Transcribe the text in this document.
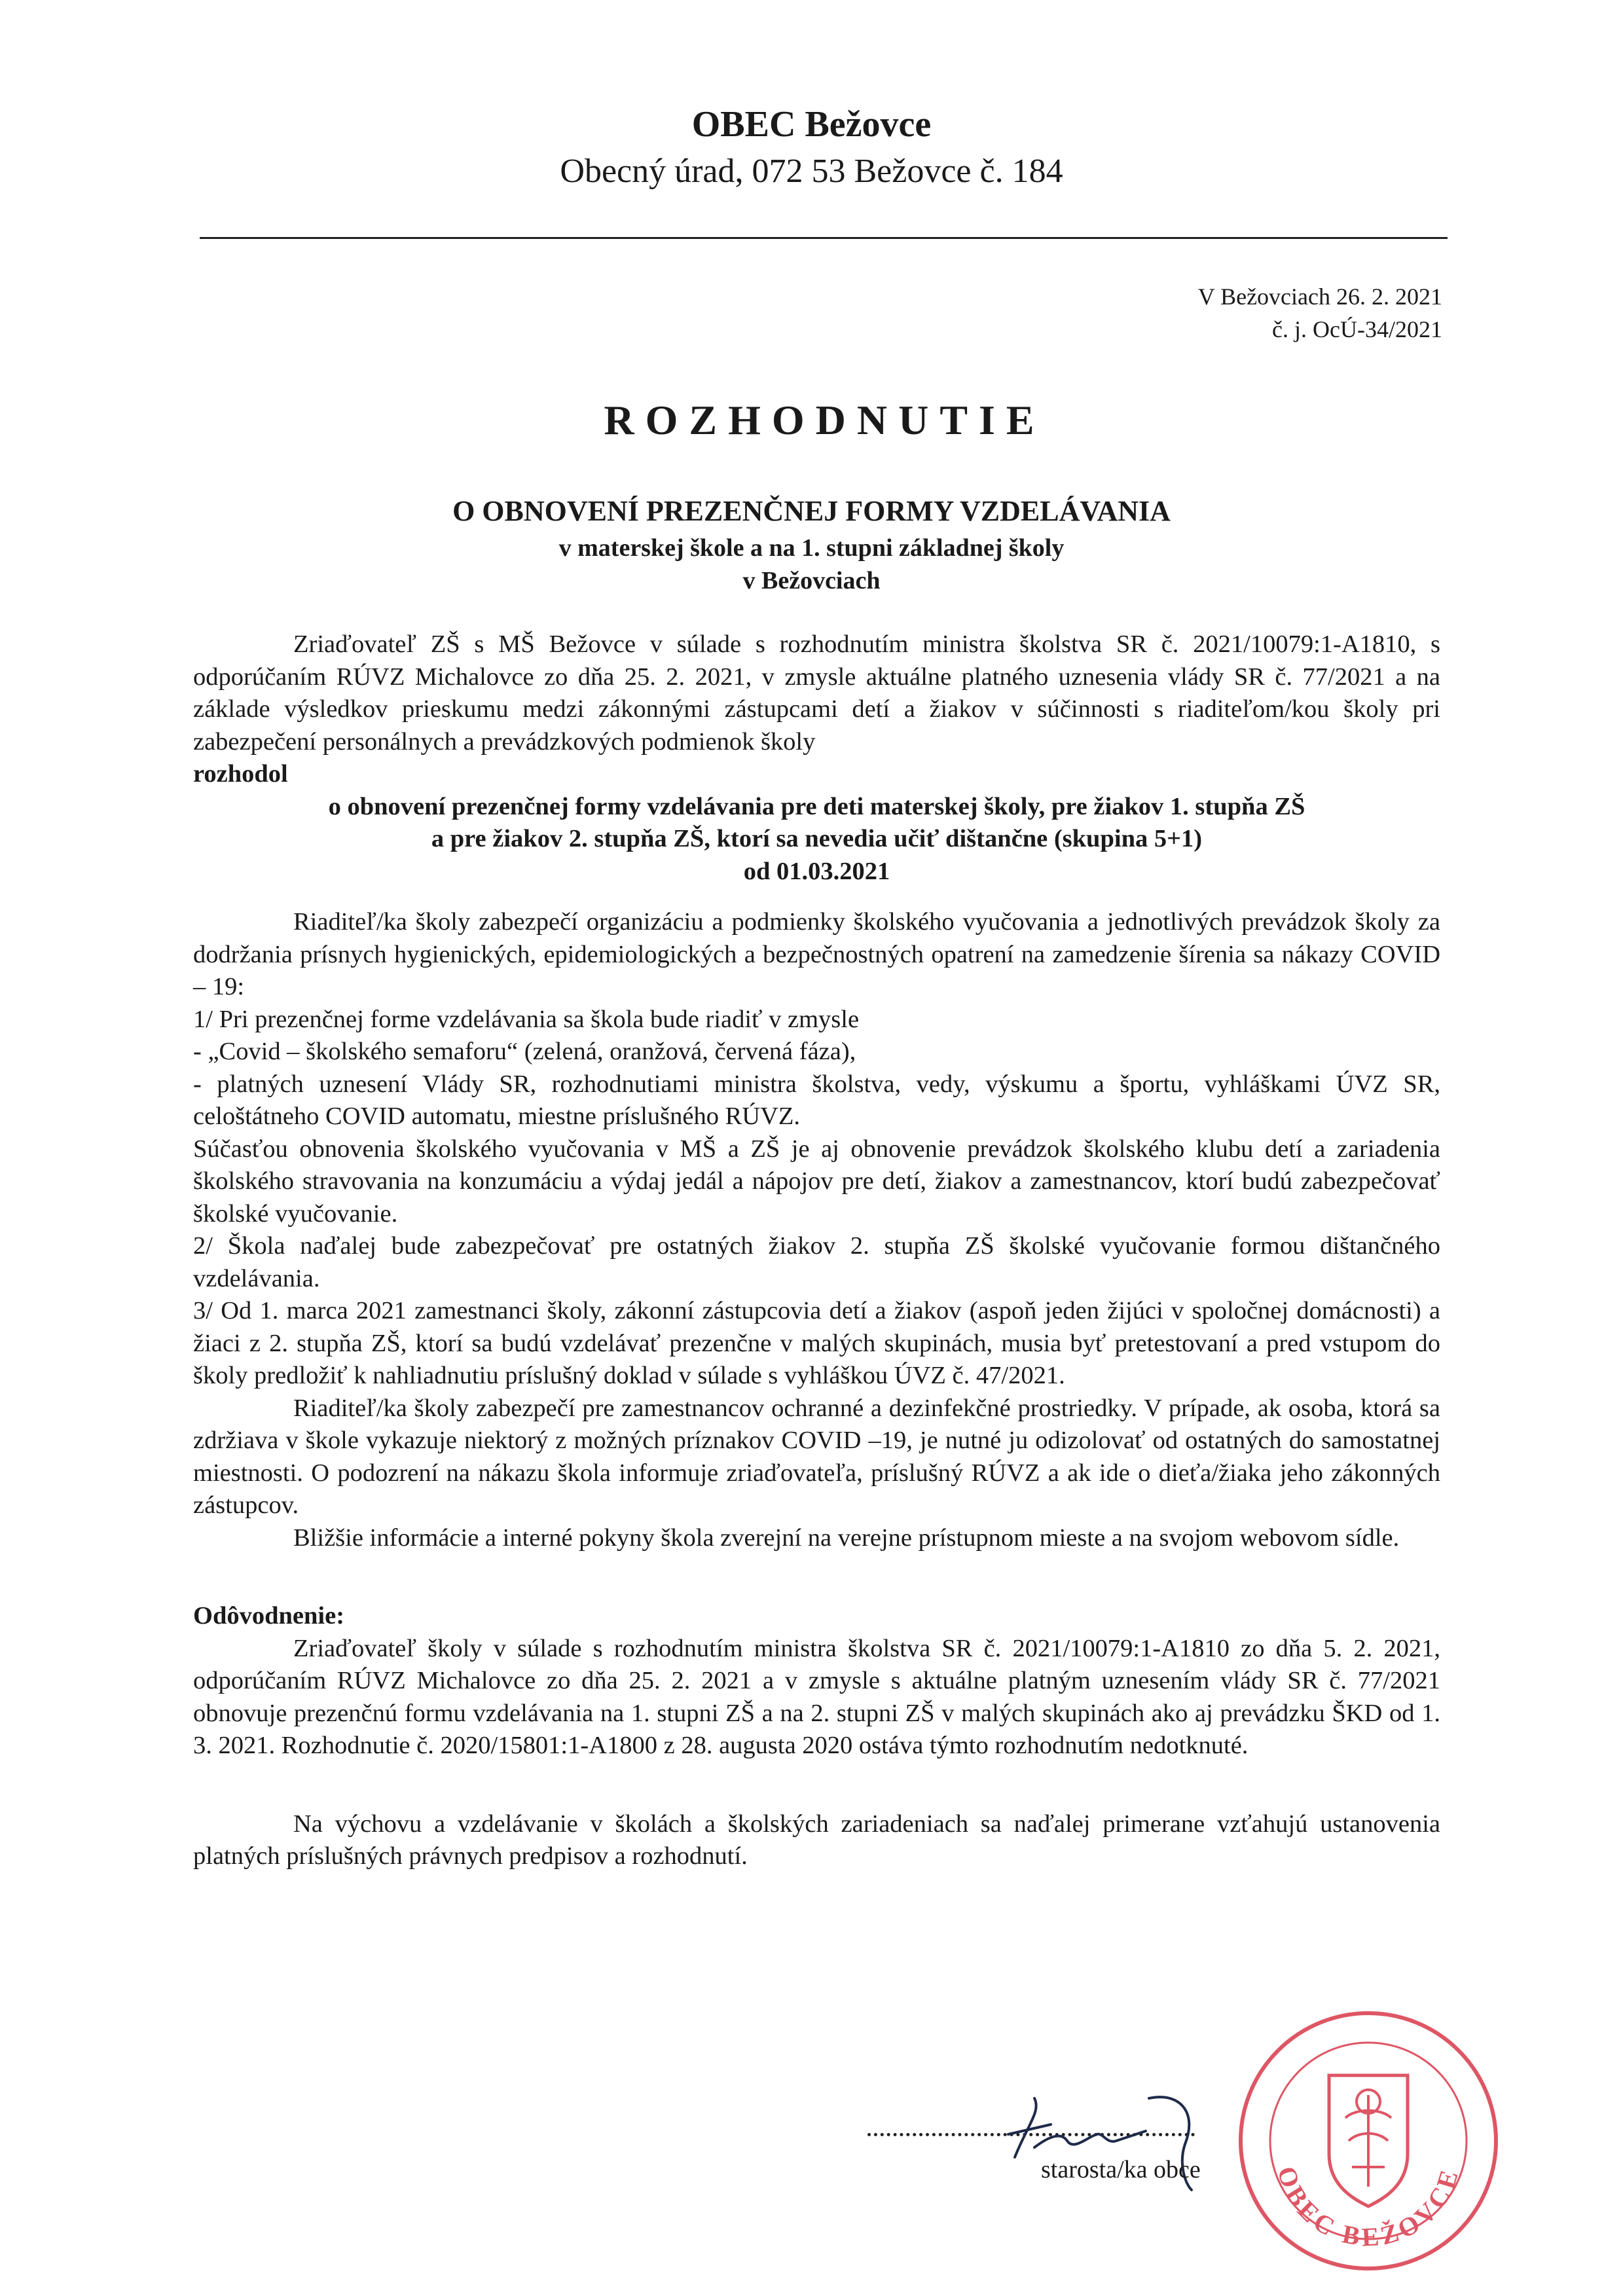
OBEC Bežovce
Obecný úrad, 072 53 Bežovce č. 184
V Bežovciach 26. 2. 2021
č. j. OcÚ-34/2021
ROZHODNUTIE
O OBNOVENÍ PREZENČNEJ FORMY VZDELÁVANIA
v materskej škole a na 1. stupni základnej školy
v Bežovciach

Zriaďovateľ ZŠ s MŠ Bežovce v súlade s rozhodnutím ministra školstva SR č. 2021/10079:1-A1810, s odporúčaním RÚVZ Michalovce zo dňa 25. 2. 2021, v zmysle aktuálne platného uznesenia vlády SR č. 77/2021 a na základe výsledkov prieskumu medzi zákonnými zástupcami detí a žiakov v súčinnosti s riaditeľom/kou školy pri zabezpečení personálnych a prevádzkových podmienok školy

rozhodol

o obnovení prezenčnej formy vzdelávania pre deti materskej školy, pre žiakov 1. stupňa ZŠ

a pre žiakov 2. stupňa ZŠ, ktorí sa nevedia učiť dištančne (skupina 5+1)

od 01.03.2021

Riaditeľ/ka školy zabezpečí organizáciu a podmienky školského vyučovania a jednotlivých prevádzok školy za dodržania prísnych hygienických, epidemiologických a bezpečnostných opatrení na zamedzenie šírenia sa nákazy COVID – 19:

1/ Pri prezenčnej forme vzdelávania sa škola bude riadiť v zmysle

- „Covid – školského semaforu“ (zelená, oranžová, červená fáza),

- platných uznesení Vlády SR, rozhodnutiami ministra školstva, vedy, výskumu a športu, vyhláškami ÚVZ SR, celoštátneho COVID automatu, miestne príslušného RÚVZ.

Súčasťou obnovenia školského vyučovania v MŠ a ZŠ je aj obnovenie prevádzok školského klubu detí a zariadenia školského stravovania na konzumáciu a výdaj jedál a nápojov pre detí, žiakov a zamestnancov, ktorí budú zabezpečovať školské vyučovanie.

2/ Škola naďalej bude zabezpečovať pre ostatných žiakov 2. stupňa ZŠ školské vyučovanie formou dištančného vzdelávania.

3/ Od 1. marca 2021 zamestnanci školy, zákonní zástupcovia detí a žiakov (aspoň jeden žijúci v spoločnej domácnosti) a žiaci z 2. stupňa ZŠ, ktorí sa budú vzdelávať prezenčne v malých skupinách, musia byť pretestovaní a pred vstupom do školy predložiť k nahliadnutiu príslušný doklad v súlade s vyhláškou ÚVZ č. 47/2021.

Riaditeľ/ka školy zabezpečí pre zamestnancov ochranné a dezinfekčné prostriedky. V prípade, ak osoba, ktorá sa zdržiava v škole vykazuje niektorý z možných príznakov COVID –19, je nutné ju odizolovať od ostatných do samostatnej miestnosti. O podozrení na nákazu škola informuje zriaďovateľa, príslušný RÚVZ a ak ide o dieťa/žiaka jeho zákonných zástupcov.

Bližšie informácie a interné pokyny škola zverejní na verejne prístupnom mieste a na svojom webovom sídle.

Odôvodnenie:

Zriaďovateľ školy v súlade s rozhodnutím ministra školstva SR č. 2021/10079:1-A1810 zo dňa 5. 2. 2021, odporúčaním RÚVZ Michalovce zo dňa 25. 2. 2021 a v zmysle s aktuálne platným uznesením vlády SR č. 77/2021 obnovuje prezenčnú formu vzdelávania na 1. stupni ZŠ a na 2. stupni ZŠ v malých skupinách ako aj prevádzku ŠKD od 1. 3. 2021. Rozhodnutie č. 2020/15801:1-A1800 z 28. augusta 2020 ostáva týmto rozhodnutím nedotknuté.

Na výchovu a vzdelávanie v školách a školských zariadeniach sa naďalej primerane vzťahujú ustanovenia platných príslušných právnych predpisov a rozhodnutí.

starosta/ka obce	OBEC BEŽOVCE
